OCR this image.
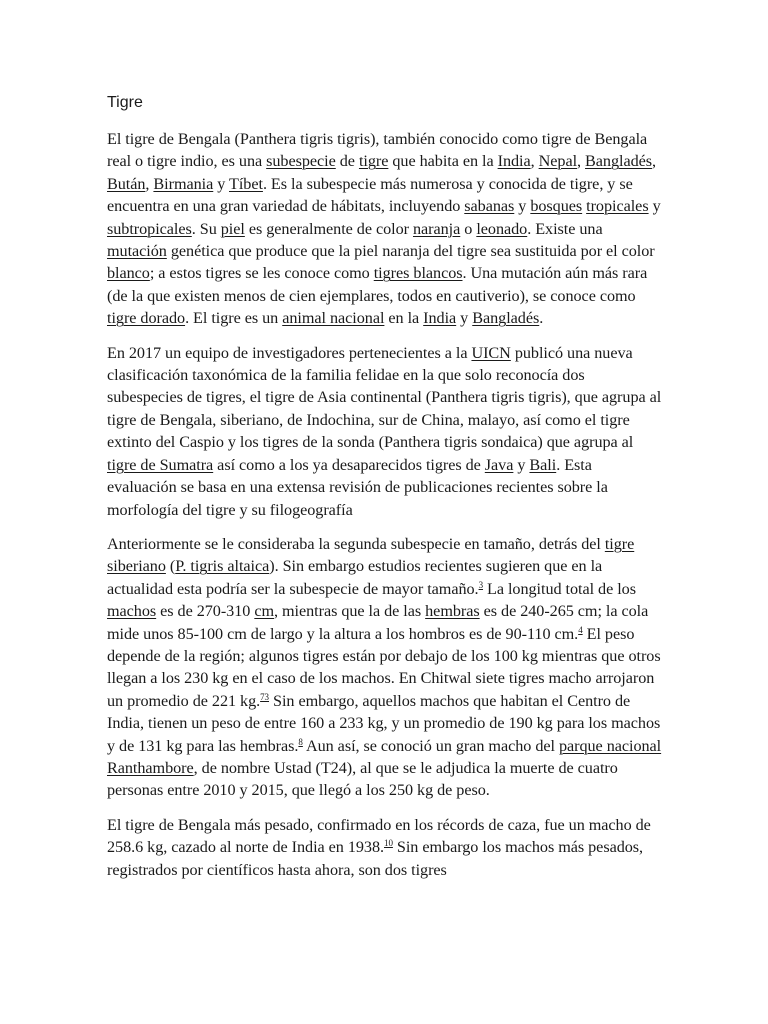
Tigre

El tigre de Bengala (Panthera tigris tigris), también conocido como tigre de Bengala real o tigre indio, es una subespecie de tigre que habita en la India, Nepal, Bangladés, Bután, Birmania y Tíbet. Es la subespecie más numerosa y conocida de tigre, y se encuentra en una gran variedad de hábitats, incluyendo sabanas y bosques tropicales y subtropicales. Su piel es generalmente de color naranja o leonado. Existe una mutación genética que produce que la piel naranja del tigre sea sustituida por el color blanco; a estos tigres se les conoce como tigres blancos. Una mutación aún más rara (de la que existen menos de cien ejemplares, todos en cautiverio), se conoce como tigre dorado. El tigre es un animal nacional en la India y Bangladés.

En 2017 un equipo de investigadores pertenecientes a la UICN publicó una nueva clasificación taxonómica de la familia felidae en la que solo reconocía dos subespecies de tigres, el tigre de Asia continental (Panthera tigris tigris), que agrupa al tigre de Bengala, siberiano, de Indochina, sur de China, malayo, así como el tigre extinto del Caspio y los tigres de la sonda (Panthera tigris sondaica) que agrupa al tigre de Sumatra así como a los ya desaparecidos tigres de Java y Bali. Esta evaluación se basa en una extensa revisión de publicaciones recientes sobre la morfología del tigre y su filogeografía

Anteriormente se le consideraba la segunda subespecie en tamaño, detrás del tigre siberiano (P. tigris altaica). Sin embargo estudios recientes sugieren que en la actualidad esta podría ser la subespecie de mayor tamaño.$^3$ La longitud total de los machos es de 270-310 cm, mientras que la de las hembras es de 240-265 cm; la cola mide unos 85-100 cm de largo y la altura a los hombros es de 90-110 cm.$^4$ El peso depende de la región; algunos tigres están por debajo de los 100 kg mientras que otros llegan a los 230 kg en el caso de los machos. En Chitwal siete tigres macho arrojaron un promedio de 221 kg.$^{73}$ Sin embargo, aquellos machos que habitan el Centro de India, tienen un peso de entre 160 a 233 kg, y un promedio de 190 kg para los machos y de 131 kg para las hembras.$^8$ Aun así, se conoció un gran macho del parque nacional Ranthambore, de nombre Ustad (T24), al que se le adjudica la muerte de cuatro personas entre 2010 y 2015, que llegó a los 250 kg de peso.

El tigre de Bengala más pesado, confirmado en los récords de caza, fue un macho de 258.6 kg, cazado al norte de India en 1938.10 Sin embargo los machos más pesados, registrados por científicos hasta ahora, son dos tigres
